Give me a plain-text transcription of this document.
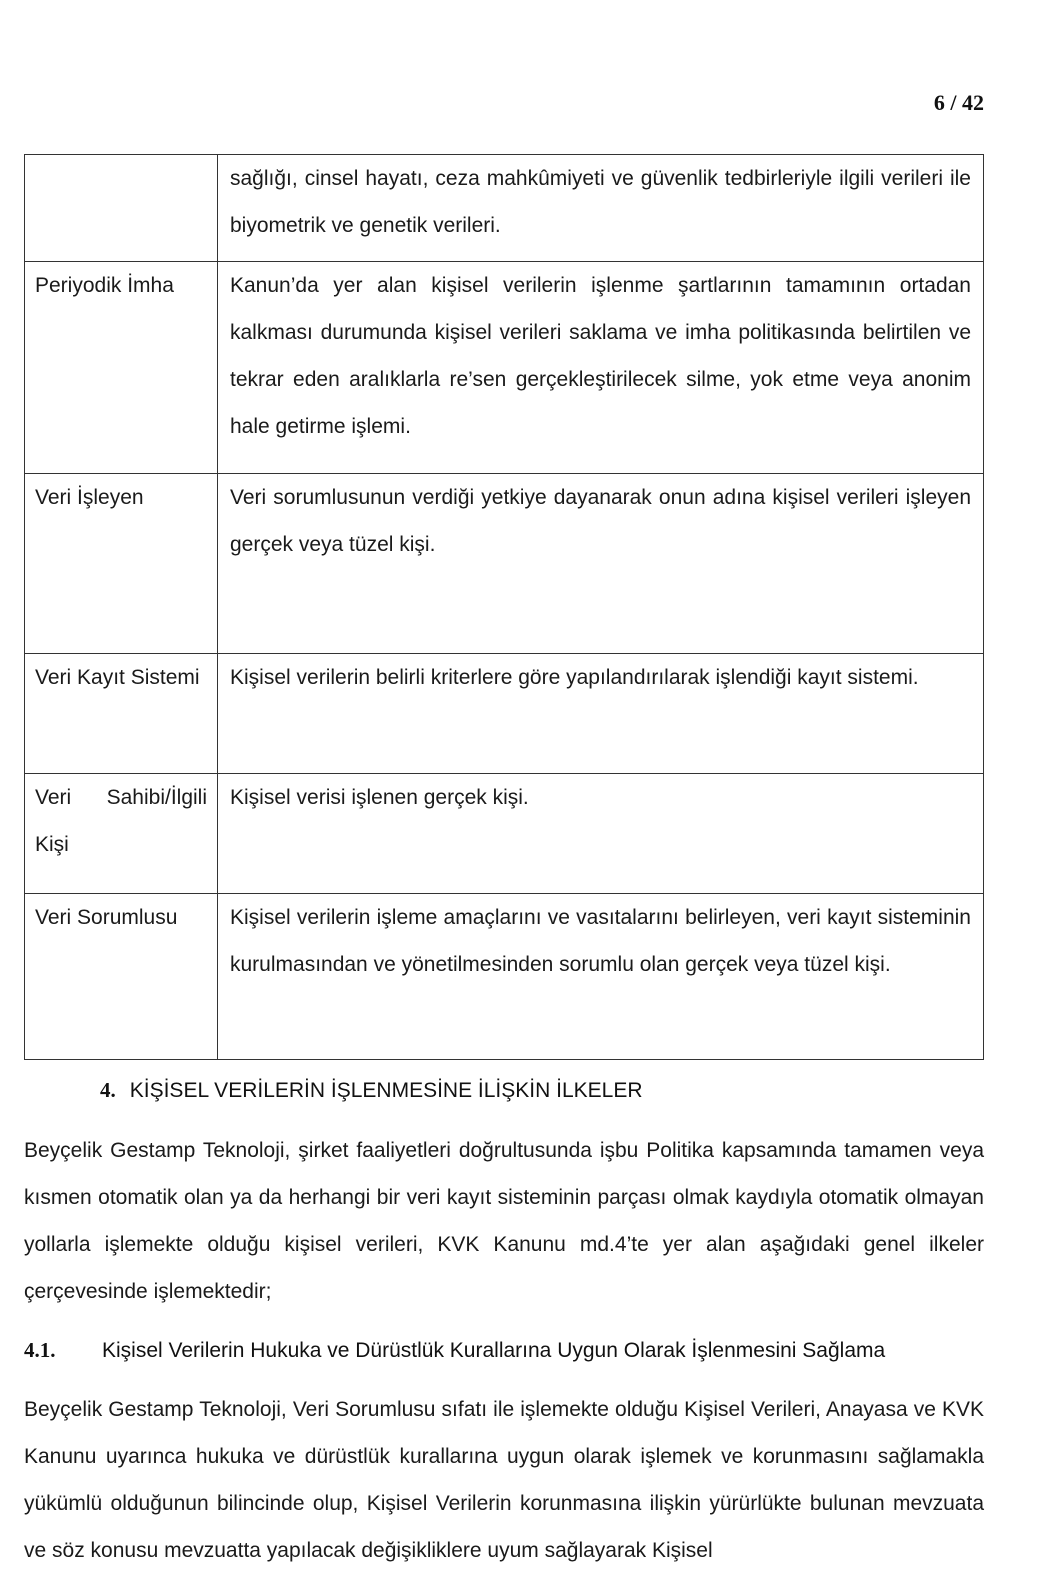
6 / 42
	sağlığı, cinsel hayatı, ceza mahkûmiyeti ve güvenlik tedbirleriyle ilgili verileri ile biyometrik ve genetik verileri.

Periyodik İmha	Kanun’da yer alan kişisel verilerin işlenme şartlarının tamamının ortadan kalkması durumunda kişisel verileri saklama ve imha politikasında belirtilen ve tekrar eden aralıklarla re’sen gerçekleştirilecek silme, yok etme veya anonim hale getirme işlemi.

Veri İşleyen	Veri sorumlusunun verdiği yetkiye dayanarak onun adına kişisel verileri işleyen gerçek veya tüzel kişi.

Veri Kayıt Sistemi	Kişisel verilerin belirli kriterlere göre yapılandırılarak işlendiği kayıt sistemi.

Veri Sahibi/İlgili Kişi	Kişisel verisi işlenen gerçek kişi.

Veri Sorumlusu	Kişisel verilerin işleme amaçlarını ve vasıtalarını belirleyen, veri kayıt sisteminin kurulmasından ve yönetilmesinden sorumlu olan gerçek veya tüzel kişi.
4. KİŞİSEL VERİLERİN İŞLENMESİNE İLİŞKİN İLKELER

Beyçelik Gestamp Teknoloji, şirket faaliyetleri doğrultusunda işbu Politika kapsamında tamamen veya kısmen otomatik olan ya da herhangi bir veri kayıt sisteminin parçası olmak kaydıyla otomatik olmayan yollarla işlemekte olduğu kişisel verileri, KVK Kanunu md.4’te yer alan aşağıdaki genel ilkeler çerçevesinde işlemektedir;

4.1. Kişisel Verilerin Hukuka ve Dürüstlük Kurallarına Uygun Olarak İşlenmesini Sağlama

Beyçelik Gestamp Teknoloji, Veri Sorumlusu sıfatı ile işlemekte olduğu Kişisel Verileri, Anayasa ve KVK Kanunu uyarınca hukuka ve dürüstlük kurallarına uygun olarak işlemek ve korunmasını sağlamakla yükümlü olduğunun bilincinde olup, Kişisel Verilerin korunmasına ilişkin yürürlükte bulunan mevzuata ve söz konusu mevzuatta yapılacak değişikliklere uyum sağlayarak Kişisel
